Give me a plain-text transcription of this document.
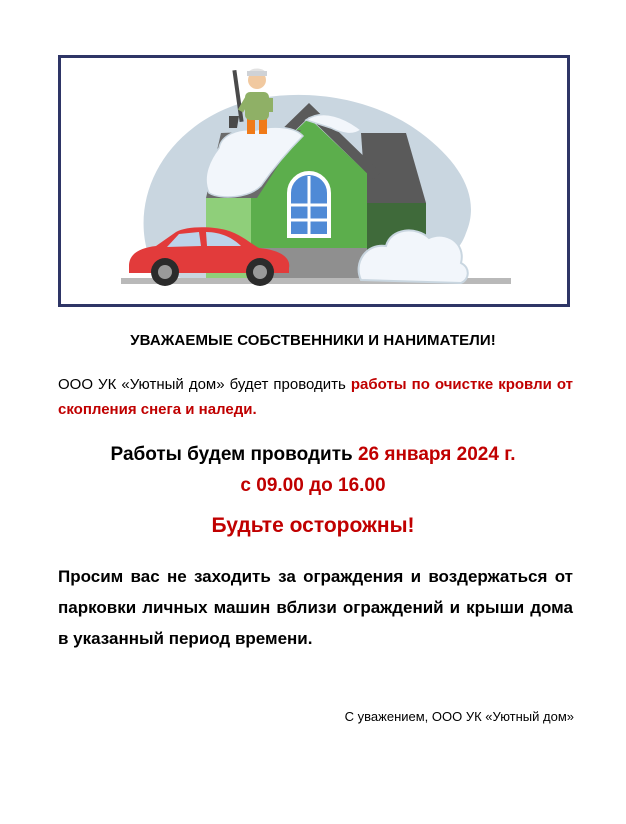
УВАЖАЕМЫЕ СОБСТВЕННИКИ И НАНИМАТЕЛИ!
ООО УК «Уютный дом» будет проводить работы по очистке кровли от скопления снега и наледи.
Работы будем проводить 26 января 2024 г.
с 09.00 до 16.00
Будьте осторожны!
Просим вас не заходить за ограждения и воздержаться от парковки личных машин вблизи ограждений и крыши дома в указанный период времени.
С уважением, ООО УК «Уютный дом»
